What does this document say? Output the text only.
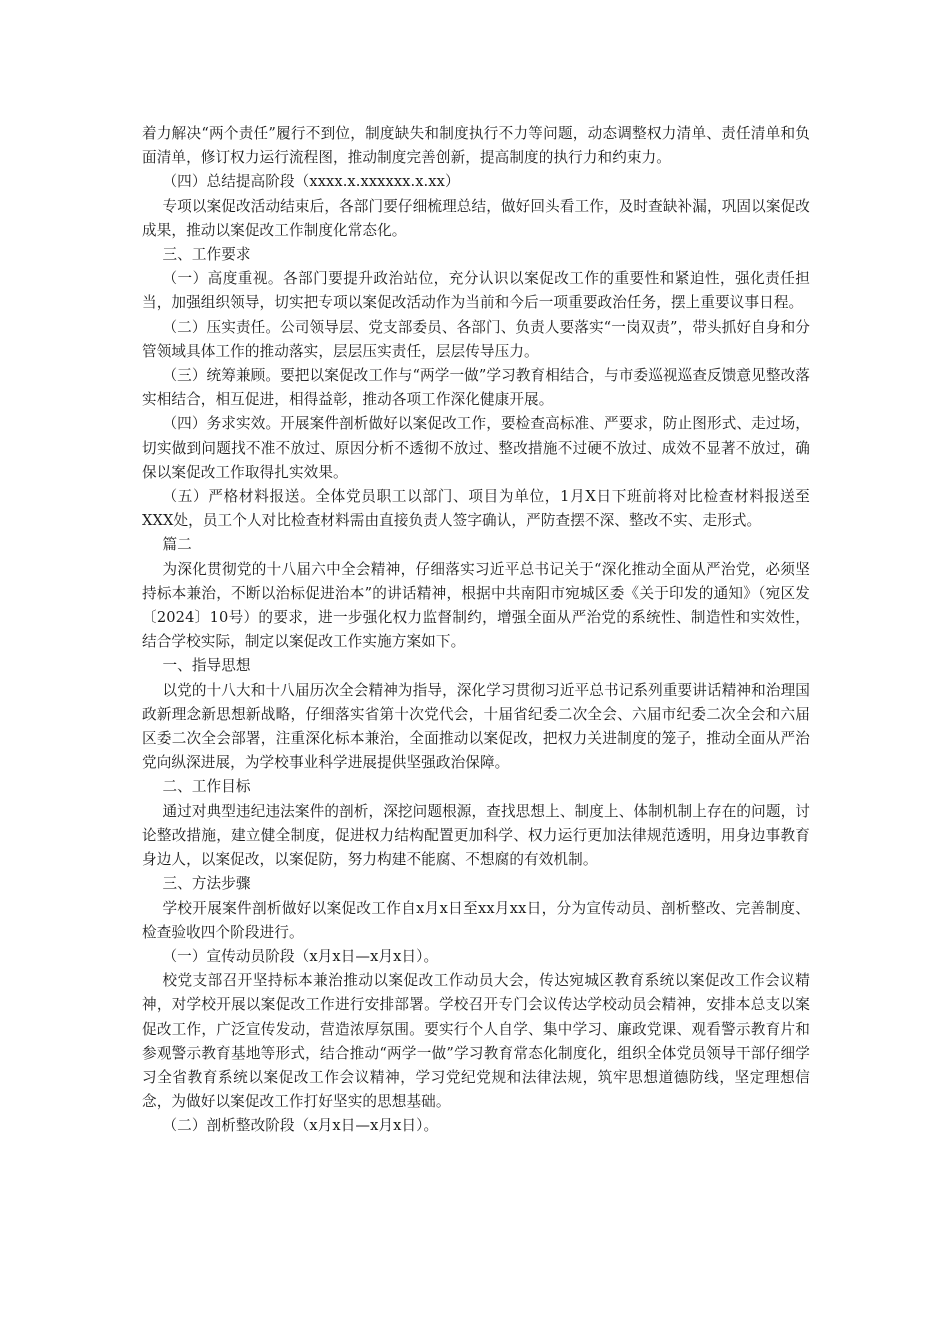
着力解决“两个责任”履行不到位，制度缺失和制度执行不力等问题，动态调整权力清单、责任清单和负面清单，修订权力运行流程图，推动制度完善创新，提高制度的执行力和约束力。

（四）总结提高阶段（xxxx.x.xxxxxx.x.xx）

专项以案促改活动结束后，各部门要仔细梳理总结，做好回头看工作，及时查缺补漏，巩固以案促改成果，推动以案促改工作制度化常态化。

三、工作要求

（一）高度重视。各部门要提升政治站位，充分认识以案促改工作的重要性和紧迫性，强化责任担当，加强组织领导，切实把专项以案促改活动作为当前和今后一项重要政治任务，摆上重要议事日程。

（二）压实责任。公司领导层、党支部委员、各部门、负责人要落实“一岗双责”，带头抓好自身和分管领域具体工作的推动落实，层层压实责任，层层传导压力。

（三）统筹兼顾。要把以案促改工作与“两学一做”学习教育相结合，与市委巡视巡查反馈意见整改落实相结合，相互促进，相得益彰，推动各项工作深化健康开展。

（四）务求实效。开展案件剖析做好以案促改工作，要检查高标准、严要求，防止图形式、走过场，切实做到问题找不准不放过、原因分析不透彻不放过、整改措施不过硬不放过、成效不显著不放过，确保以案促改工作取得扎实效果。

（五）严格材料报送。全体党员职工以部门、项目为单位，1月X日下班前将对比检查材料报送至XXX处，员工个人对比检查材料需由直接负责人签字确认，严防查摆不深、整改不实、走形式。

篇二

为深化贯彻党的十八届六中全会精神，仔细落实习近平总书记关于“深化推动全面从严治党，必须坚持标本兼治，不断以治标促进治本”的讲话精神，根据中共南阳市宛城区委《关于印发的通知》（宛区发〔2024〕10号）的要求，进一步强化权力监督制约，增强全面从严治党的系统性、制造性和实效性，结合学校实际，制定以案促改工作实施方案如下。

一、指导思想

以党的十八大和十八届历次全会精神为指导，深化学习贯彻习近平总书记系列重要讲话精神和治理国政新理念新思想新战略，仔细落实省第十次党代会，十届省纪委二次全会、六届市纪委二次全会和六届区委二次全会部署，注重深化标本兼治，全面推动以案促改，把权力关进制度的笼子，推动全面从严治党向纵深进展，为学校事业科学进展提供坚强政治保障。

二、工作目标

通过对典型违纪违法案件的剖析，深挖问题根源，查找思想上、制度上、体制机制上存在的问题，讨论整改措施，建立健全制度，促进权力结构配置更加科学、权力运行更加法律规范透明，用身边事教育身边人，以案促改，以案促防，努力构建不能腐、不想腐的有效机制。

三、方法步骤

学校开展案件剖析做好以案促改工作自x月x日至xx月xx日，分为宣传动员、剖析整改、完善制度、检查验收四个阶段进行。

（一）宣传动员阶段（x月x日—x月x日）。

校党支部召开坚持标本兼治推动以案促改工作动员大会，传达宛城区教育系统以案促改工作会议精神，对学校开展以案促改工作进行安排部署。学校召开专门会议传达学校动员会精神，安排本总支以案促改工作，广泛宣传发动，营造浓厚氛围。要实行个人自学、集中学习、廉政党课、观看警示教育片和参观警示教育基地等形式，结合推动“两学一做”学习教育常态化制度化，组织全体党员领导干部仔细学习全省教育系统以案促改工作会议精神，学习党纪党规和法律法规，筑牢思想道德防线，坚定理想信念，为做好以案促改工作打好坚实的思想基础。

（二）剖析整改阶段（x月x日—x月x日）。
